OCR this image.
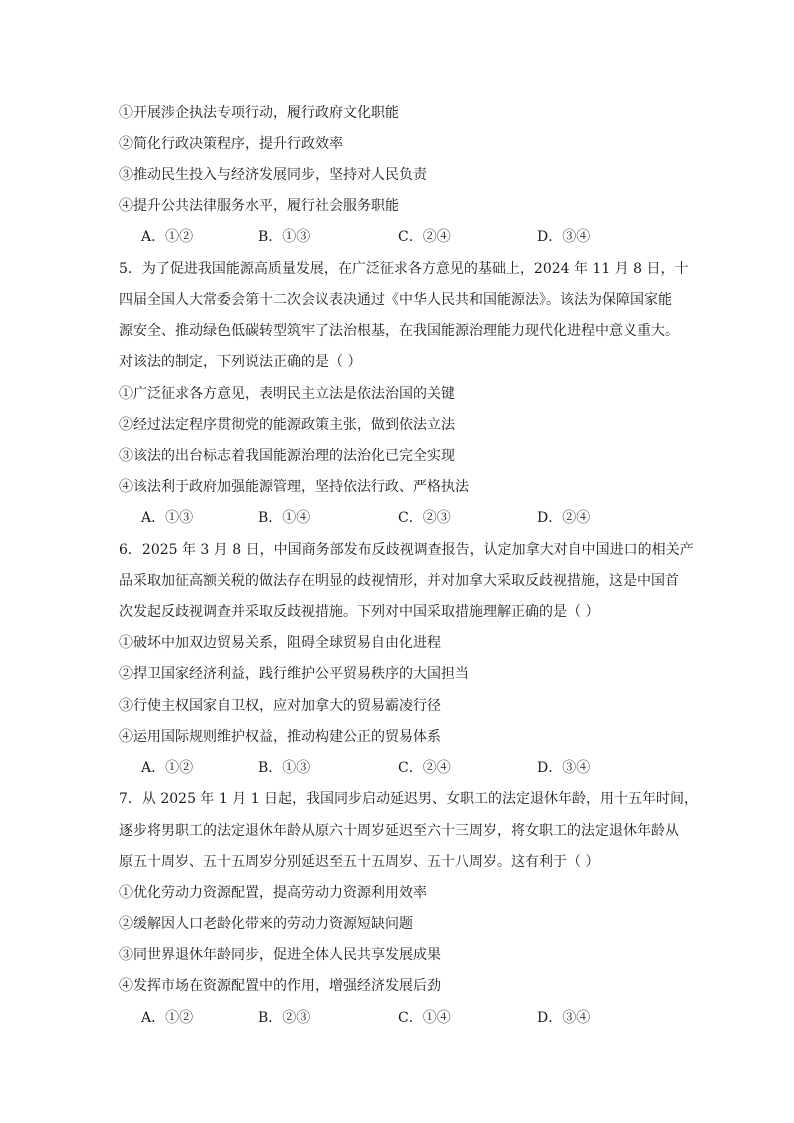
①开展涉企执法专项行动，履行政府文化职能
②简化行政决策程序，提升行政效率
③推动民生投入与经济发展同步，坚持对人民负责
④提升公共法律服务水平，履行社会服务职能
A．①②	B．①③	C．②④	D．③④
5．为了促进我国能源高质量发展，在广泛征求各方意见的基础上，2024 年 11 月 8 日，十
四届全国人大常委会第十二次会议表决通过《中华人民共和国能源法》。该法为保障国家能
源安全、推动绿色低碳转型筑牢了法治根基，在我国能源治理能力现代化进程中意义重大。
对该法的制定，下列说法正确的是（ ）
①广泛征求各方意见，表明民主立法是依法治国的关键
②经过法定程序贯彻党的能源政策主张，做到依法立法
③该法的出台标志着我国能源治理的法治化已完全实现
④该法利于政府加强能源管理，坚持依法行政、严格执法
A．①③	B．①④	C．②③	D．②④
6．2025 年 3 月 8 日，中国商务部发布反歧视调查报告，认定加拿大对自中国进口的相关产
品采取加征高额关税的做法存在明显的歧视情形，并对加拿大采取反歧视措施，这是中国首
次发起反歧视调查并采取反歧视措施。下列对中国采取措施理解正确的是（ ）
①破坏中加双边贸易关系，阻碍全球贸易自由化进程
②捍卫国家经济利益，践行维护公平贸易秩序的大国担当
③行使主权国家自卫权，应对加拿大的贸易霸凌行径
④运用国际规则维护权益，推动构建公正的贸易体系
A．①②	B．①③	C．②④	D．③④
7．从 2025 年 1 月 1 日起，我国同步启动延迟男、女职工的法定退休年龄，用十五年时间，
逐步将男职工的法定退休年龄从原六十周岁延迟至六十三周岁，将女职工的法定退休年龄从
原五十周岁、五十五周岁分别延迟至五十五周岁、五十八周岁。这有利于（ ）
①优化劳动力资源配置，提高劳动力资源利用效率
②缓解因人口老龄化带来的劳动力资源短缺问题
③同世界退休年龄同步，促进全体人民共享发展成果
④发挥市场在资源配置中的作用，增强经济发展后劲
A．①②	B．②③	C．①④	D．③④
